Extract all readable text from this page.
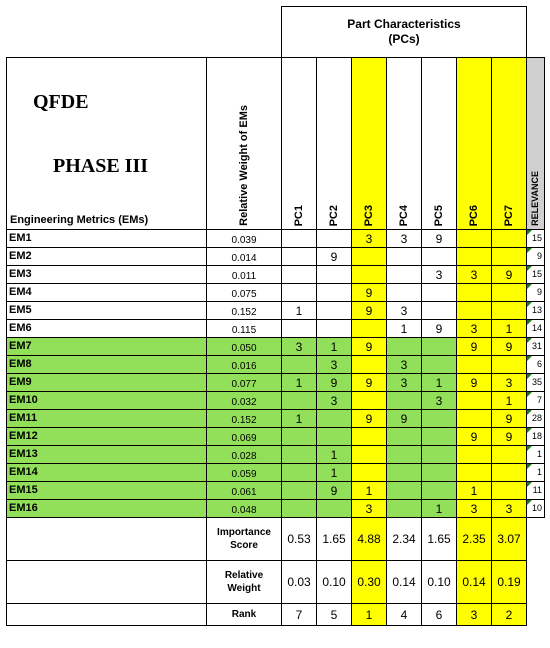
		Part Characteristics
(PCs)							

QFDE
PHASE III
Engineering Metrics (EMs)	Relative Weight of EMs	PC1	PC2	PC3	PC4	PC5	PC6	PC7	RELEVANCE
EM1	0.039			3	3	9			15
EM2	0.014		9						9
EM3	0.011					3	3	9	15
EM4	0.075			9					9
EM5	0.152	1		9	3				13
EM6	0.115				1	9	3	1	14
EM7	0.050	3	1	9			9	9	31
EM8	0.016		3		3				6
EM9	0.077	1	9	9	3	1	9	3	35
EM10	0.032		3			3		1	7
EM11	0.152	1		9	9			9	28
EM12	0.069						9	9	18
EM13	0.028		1						1
EM14	0.059		1						1
EM15	0.061		9	1			1		11
EM16	0.048			3		1	3	3	10
	Importance Score	0.53	1.65	4.88	2.34	1.65	2.35	3.07	
	Relative Weight	0.03	0.10	0.30	0.14	0.10	0.14	0.19	
	Rank	7	5	1	4	6	3	2	
